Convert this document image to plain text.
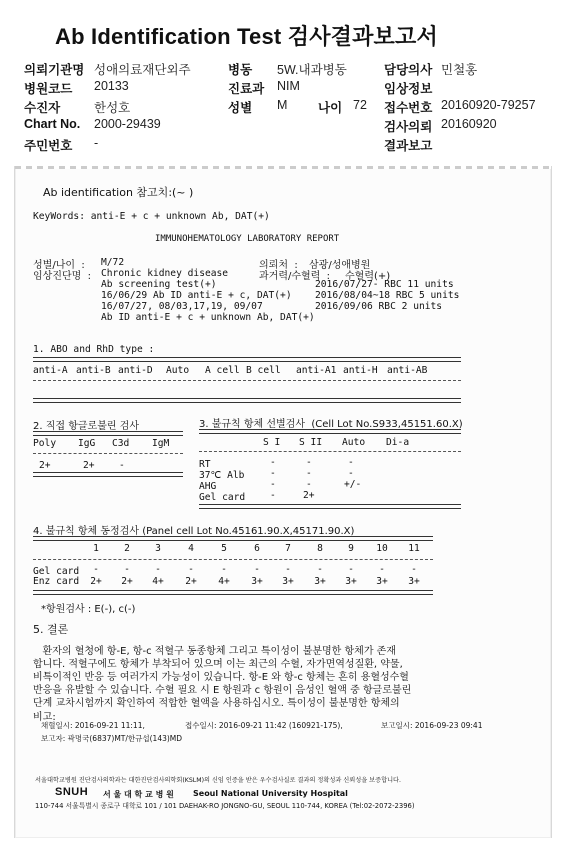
Ab Identification Test 검사결과보고서
의뢰기관명 성애의료재단외주	병동 5W.내과병동	담당의사 민철홍
병원코드 20133	진료과 NIM	임상정보
수진자	한성호	성별 M 나이 72 접수번호 20160920-79257
Chart No. 2000-29439	검사의뢰 20160920
주민번호 -	결과보고
Ab identification 참고치:(~ )
KeyWords: anti-E + c + unknown Ab, DAT(+)
IMMUNOHEMATOLOGY LABORATORY REPORT
성별/나이  : M/72
임상진단명  : Chronic kidney disease
의뢰처  : 삼광/성애병원
과거력/수혈력  : 수혈력(+)
Ab screening test(+)
16/06/29 Ab ID anti-E + c, DAT(+)
16/07/27, 08/03,17,19, 09/07
Ab ID anti-E + c + unknown Ab, DAT(+)
2016/07/27- RBC 11 units
2016/08/04~18 RBC 5 units
2016/09/06 RBC 2 units
1. ABO and RhD type :
anti-A anti-B anti-D Auto A cell B cell anti-A1 anti-H anti-AB
2. 직접 항글로불린 검사
Poly IgG C3d IgM
2+	2+	-
3. 불규칙 항체 선별검사  (Cell Lot No.S933,45151.60.X)
S I S II Auto Di-a
RT	-	-	-
37℃ Alb	-	-	-
AHG	-	-	+/-
Gel card	-	2+
4. 불규칙 항체 동정검사 (Panel cell Lot No.45161.90.X,45171.90.X)
1	2	3	4	5	6	7	8	9	10	11
Gel card	-	-	-	-	-	-	-	-	-	-	-
Enz card	2+	2+	4+	2+	4+	3+	3+	3+	3+	3+	3+
*항원검사 : E(-), c(-)
5. 결론
환자의 혈청에 항-E, 항-c 적혈구 동종항체 그리고 특이성이 불분명한 항체가 존재
합니다. 적혈구에도 항체가 부착되어 있으며 이는 최근의 수혈, 자가면역성질환, 약물,
비특이적인 반응 등 여러가지 가능성이 있습니다. 항-E 와 항-c 항체는 흔히 용혈성수혈
반응을 유발할 수 있습니다. 수혈 필요 시 E 항원과 c 항원이 음성인 혈액 중 항글로불린
단계 교차시험까지 확인하여 적합한 혈액을 사용하십시오. 특이성이 불분명한 항체의
비고:
채혈일시: 2016-09-21 11:11,	접수일시: 2016-09-21 11:42 (160921-175),	보고일시: 2016-09-23 09:41
보고자: 곽명국(6837)MT/한규섭(143)MD
서울대학교병원 진단검사의학과는 대한진단검사의학회(KSLM)의 신임 인증을 받은 우수검사실로 결과의 정확성과 신뢰성을 보증합니다.
SNUH 서 울 대 학 교 병 원 Seoul National University Hospital
110-744 서울특별시 종로구 대학로 101 / 101 DAEHAK-RO JONGNO-GU, SEOUL 110-744, KOREA (Tel:02-2072-2396)
